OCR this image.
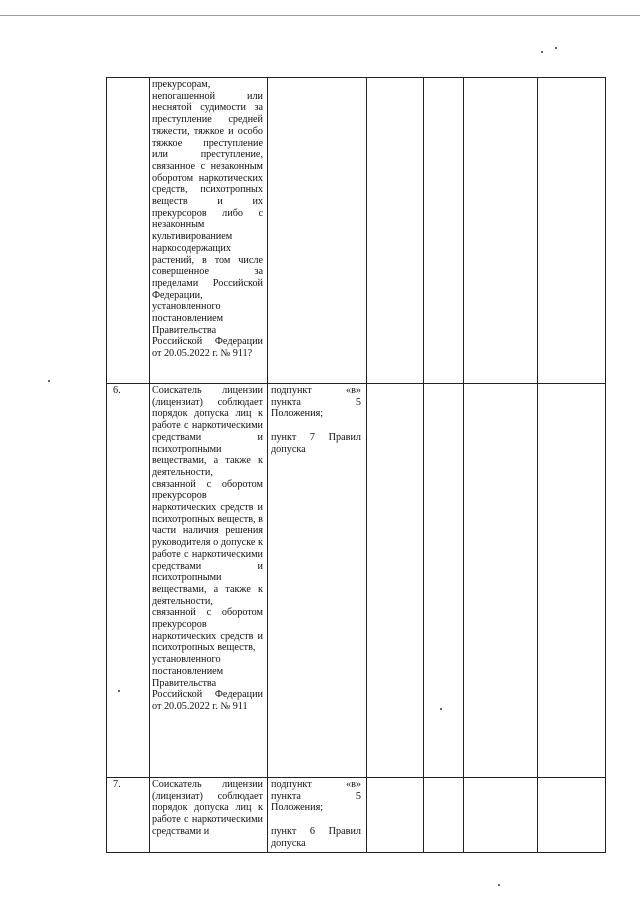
прекурсорам,
непогашенной или неснятой судимости за преступление средней тяжести, тяжкое и особо тяжкое преступление или преступление, связанное с незаконным оборотом наркотических средств, психотропных веществ и их прекурсоров либо с незаконным культивированием наркосодержащих растений, в том числе совершенное за пределами Российской Федерации,
установленного постановлением Правительства Российской Федерации от 20.05.2022 г. № 911?
6.	Соискатель лицензии (лицензиат) соблюдает порядок допуска лиц к работе с наркотическими средствами и психотропными веществами, а также к деятельности,
связанной с оборотом прекурсоров наркотических средств и психотропных веществ, в части наличия решения руководителя о допуске к работе с наркотическими средствами и психотропными веществами, а также к деятельности,
связанной с оборотом прекурсоров наркотических средств и психотропных веществ,
установленного постановлением Правительства Российской Федерации от 20.05.2022 г. № 911
подпункт «в» пункта 5 Положения;

пункт 7 Правил допуска
7.	Соискатель лицензии (лицензиат) соблюдает порядок допуска лиц к работе с наркотическими средствами и
подпункт «в» пункта 5 Положения;

пункт 6 Правил допуска
